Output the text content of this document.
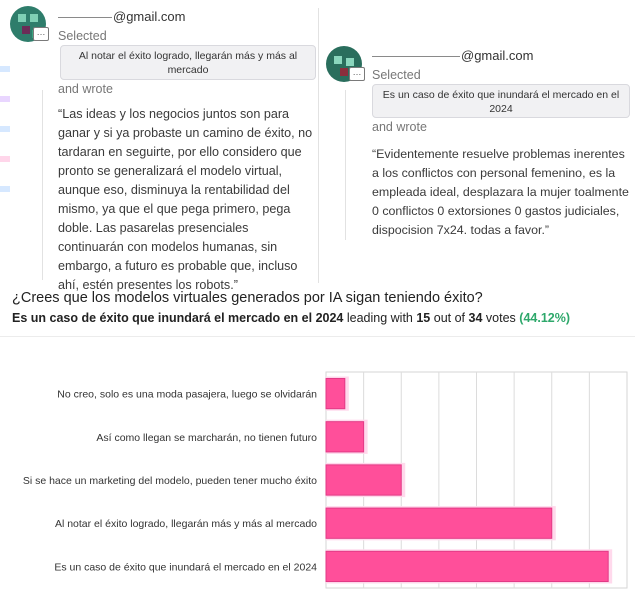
…
@gmail.com
Selected
Al notar el éxito logrado, llegarán más y más al mercado
and wrote
“Las ideas y los negocios juntos son para ganar y si ya probaste un camino de éxito, no tardaran en seguirte, por ello considero que pronto se generalizará el modelo virtual, aunque eso, disminuya la rentabilidad del mismo, ya que el que pega primero, pega doble. Las pasarelas presenciales continuarán con modelos humanas, sin embargo, a futuro es probable que, incluso ahí, estén presentes los robots.”
…
@gmail.com
Selected
Es un caso de éxito que inundará el mercado en el 2024
and wrote
“Evidentemente resuelve problemas inerentes a los conflictos con personal femenino, es la empleada ideal, desplazara la mujer toalmente 0 conflictos 0 extorsiones 0 gastos judiciales, dispocision 7x24. todas a favor.”
¿Crees que los modelos virtuales generados por IA sigan teniendo éxito?
Es un caso de éxito que inundará el mercado en el 2024 leading with 15 out of 34 votes (44.12%)
No creo, solo es una moda pasajera, luego se olvidarán
Así como llegan se marcharán, no tienen futuro
Si se hace un marketing del modelo, pueden tener mucho éxito
Al notar el éxito logrado, llegarán más y más al mercado
Es un caso de éxito que inundará el mercado en el 2024
